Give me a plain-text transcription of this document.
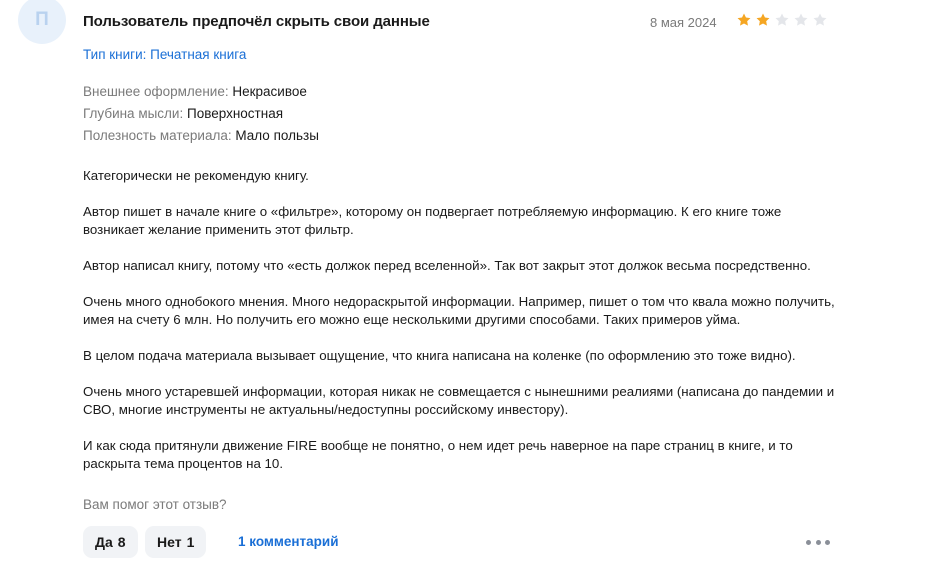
П	Пользователь предпочёл скрыть свои данные	8 мая 2024
Тип книги: Печатная книга
Внешнее оформление: Некрасивое
Глубина мысли: Поверхностная
Полезность материала: Мало пользы

Категорически не рекомендую книгу.

Автор пишет в начале книге о «фильтре», которому он подвергает потребляемую информацию. К его книге тоже возникает желание применить этот фильтр.

Автор написал книгу, потому что «есть должок перед вселенной». Так вот закрыт этот должок весьма посредственно.

Очень много однобокого мнения. Много недораскрытой информации. Например, пишет о том что квала можно получить, имея на счету 6 млн. Но получить его можно еще несколькими другими способами. Таких примеров уйма.

В целом подача материала вызывает ощущение, что книга написана на коленке (по оформлению это тоже видно).

Очень много устаревшей информации, которая никак не совмещается с нынешними реалиями (написана до пандемии и СВО, многие инструменты не актуальны/недоступны российскому инвестору).

И как сюда притянули движение FIRE вообще не понятно, о нем идет речь наверное на паре страниц в книге, и то раскрыта тема процентов на 10.

Вам помог этот отзыв?
Да 8 Нет 1	1 комментарий
